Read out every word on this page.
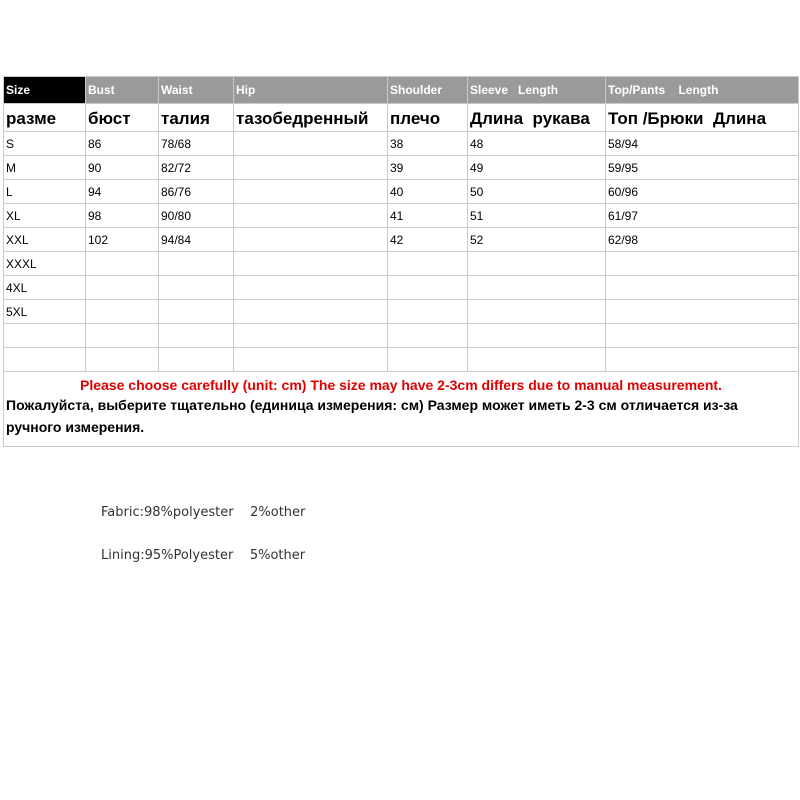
Size	Bust	Waist	Hip	Shoulder	Sleeve   Length	Top/Pants    Length
разме	бюст	талия	тазобедренный	плечо	Длина  рукава	Топ /Брюки  Длина
S	86	78/68		38	48	58/94
M	90	82/72		39	49	59/95
L	94	86/76		40	50	60/96
XL	98	90/80		41	51	61/97
XXL	102	94/84		42	52	62/98
XXXL						
4XL						
5XL						

Please choose carefully (unit: cm) The size may have 2-3cm differs due to manual measurement.
Пожалуйста, выберите тщательно (единица измерения: см) Размер может иметь 2-3 см отличается из-за ручного измерения.						
Fabric:98%polyester    2%other
Lining:95%Polyester    5%other
